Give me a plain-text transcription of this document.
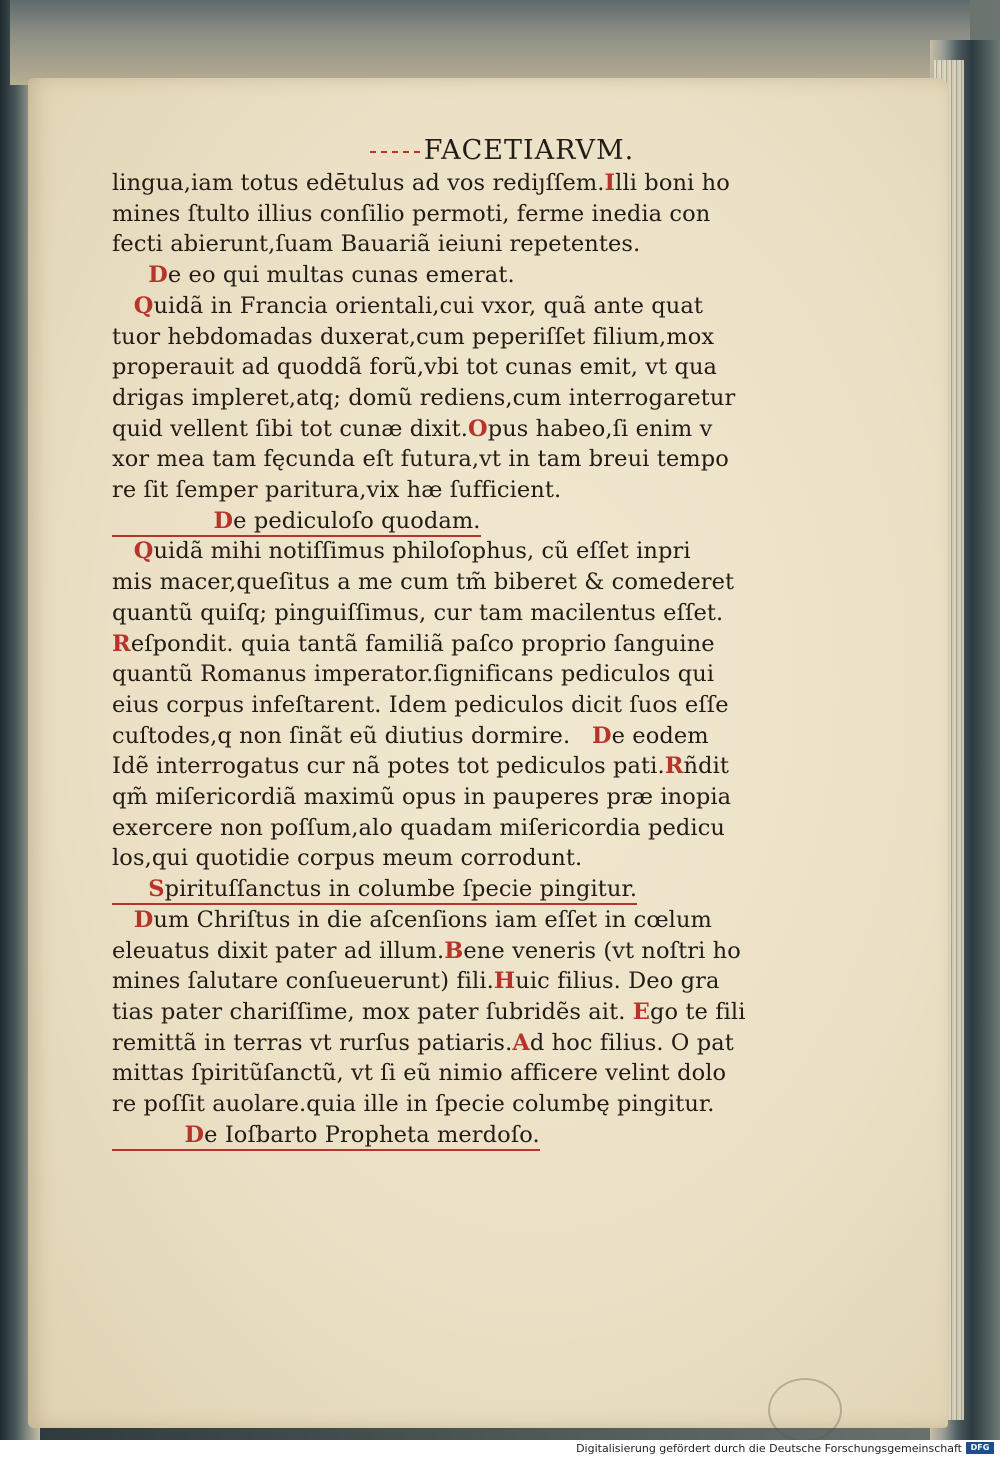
FACETIARVM.
lingua,iam totus edētulus ad vos rediȷſſem.Illi boni ho
mines ſtulto illius conſilio permoti, ferme inedia con
fecti abierunt,ſuam Bauariã ieiuni repetentes.
De eo qui multas cunas emerat.
Quidã in Francia orientali,cui vxor, quã ante quat
tuor hebdomadas duxerat,cum peperiſſet filium,mox
properauit ad quoddã forũ,vbi tot cunas emit, vt qua
drigas impleret,atq; domũ rediens,cum interrogaretur
quid vellent ſibi tot cunæ dixit.Opus habeo,ſi enim v
xor mea tam fęcunda eſt futura,vt in tam breui tempo
re ſit ſemper paritura,vix hæ ſufficient.
De pediculoſo quodam.
Quidã mihi notiſſimus philoſophus, cũ eſſet inpri
mis macer,queſitus a me cum tm̃ biberet & comederet
quantũ quiſq; pinguiſſimus, cur tam macilentus eſſet.
Reſpondit. quia tantã familiã paſco proprio ſanguine
quantũ Romanus imperator.ſignificans pediculos qui
eius corpus infeſtarent. Idem pediculos dicit ſuos eſſe
cuſtodes,q non ſinãt eũ diutius dormire.   De eodem
Idẽ interrogatus cur nã potes tot pediculos pati.Rñdit
qm̃ miſericordiã maximũ opus in pauperes præ inopia
exercere non poſſum,alo quadam miſericordia pedicu
los,qui quotidie corpus meum corrodunt.
Spirituſſanctus in columbe ſpecie pingitur.
Dum Chriſtus in die aſcenſions iam eſſet in cœlum
eleuatus dixit pater ad illum.Bene veneris (vt noſtri ho
mines ſalutare conſueuerunt) fili.Huic filius. Deo gra
tias pater chariſſime, mox pater ſubridẽs ait. Ego te fili
remittã in terras vt rurſus patiaris.Ad hoc filius. O pat
mittas ſpiritũſanctũ, vt ſi eũ nimio afficere velint dolo
re poſſit auolare.quia ille in ſpecie columbę pingitur.
De Ioſbarto Propheta merdoſo.
Digitalisierung gefördert durch die Deutsche Forschungsgemeinschaft	DFG
